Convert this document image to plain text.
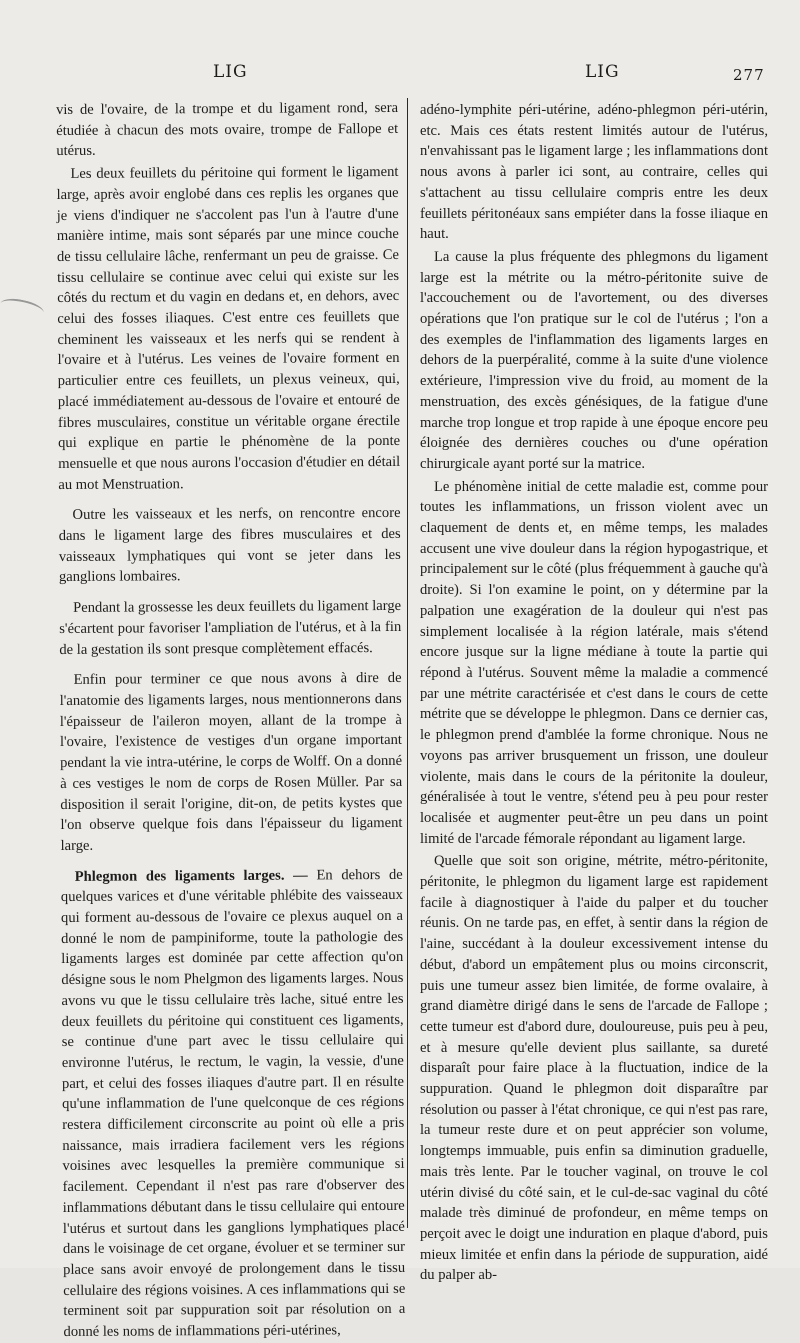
LIG	LIG	277

vis de l'ovaire, de la trompe et du ligament rond, sera étudiée à chacun des mots ovaire, trompe de Fallope et utérus.

Les deux feuillets du péritoine qui forment le ligament large, après avoir englobé dans ces replis les organes que je viens d'indiquer ne s'accolent pas l'un à l'autre d'une manière intime, mais sont séparés par une mince couche de tissu cellulaire lâche, renfermant un peu de graisse. Ce tissu cellulaire se continue avec celui qui existe sur les côtés du rectum et du vagin en dedans et, en dehors, avec celui des fosses iliaques. C'est entre ces feuillets que cheminent les vaisseaux et les nerfs qui se rendent à l'ovaire et à l'utérus. Les veines de l'ovaire forment en particulier entre ces feuillets, un plexus veineux, qui, placé immédiatement au-dessous de l'ovaire et entouré de fibres musculaires, constitue un véritable organe érectile qui explique en partie le phénomène de la ponte mensuelle et que nous aurons l'occasion d'étudier en détail au mot Menstruation.

Outre les vaisseaux et les nerfs, on rencontre encore dans le ligament large des fibres musculaires et des vaisseaux lymphatiques qui vont se jeter dans les ganglions lombaires.

Pendant la grossesse les deux feuillets du ligament large s'écartent pour favoriser l'ampliation de l'utérus, et à la fin de la gestation ils sont presque complètement effacés.

Enfin pour terminer ce que nous avons à dire de l'anatomie des ligaments larges, nous mentionnerons dans l'épaisseur de l'aileron moyen, allant de la trompe à l'ovaire, l'existence de vestiges d'un organe important pendant la vie intra-utérine, le corps de Wolff. On a donné à ces vestiges le nom de corps de Rosen Müller. Par sa disposition il serait l'origine, dit-on, de petits kystes que l'on observe quelque fois dans l'épaisseur du ligament large.

Phlegmon des ligaments larges. — En dehors de quelques varices et d'une véritable phlébite des vaisseaux qui forment au-dessous de l'ovaire ce plexus auquel on a donné le nom de pampiniforme, toute la pathologie des ligaments larges est dominée par cette affection qu'on désigne sous le nom Phelgmon des ligaments larges. Nous avons vu que le tissu cellulaire très lache, situé entre les deux feuillets du péritoine qui constituent ces ligaments, se continue d'une part avec le tissu cellulaire qui environne l'utérus, le rectum, le vagin, la vessie, d'une part, et celui des fosses iliaques d'autre part. Il en résulte qu'une inflammation de l'une quelconque de ces régions restera difficilement circonscrite au point où elle a pris naissance, mais irradiera facilement vers les régions voisines avec lesquelles la première communique si facilement. Cependant il n'est pas rare d'observer des inflammations débutant dans le tissu cellulaire qui entoure l'utérus et surtout dans les ganglions lymphatiques placé dans le voisinage de cet organe, évoluer et se terminer sur place sans avoir envoyé de prolongement dans le tissu cellulaire des régions voisines. A ces inflammations qui se terminent soit par suppuration soit par résolution on a donné les noms de inflammations péri-utérines,

adéno-lymphite péri-utérine, adéno-phlegmon péri-utérin, etc. Mais ces états restent limités autour de l'utérus, n'envahissant pas le ligament large ; les inflammations dont nous avons à parler ici sont, au contraire, celles qui s'attachent au tissu cellulaire compris entre les deux feuillets péritonéaux sans empiéter dans la fosse iliaque en haut.

La cause la plus fréquente des phlegmons du ligament large est la métrite ou la métro-péritonite suive de l'accouchement ou de l'avortement, ou des diverses opérations que l'on pratique sur le col de l'utérus ; l'on a des exemples de l'inflammation des ligaments larges en dehors de la puerpéralité, comme à la suite d'une violence extérieure, l'impression vive du froid, au moment de la menstruation, des excès génésiques, de la fatigue d'une marche trop longue et trop rapide à une époque encore peu éloignée des dernières couches ou d'une opération chirurgicale ayant porté sur la matrice.

Le phénomène initial de cette maladie est, comme pour toutes les inflammations, un frisson violent avec un claquement de dents et, en même temps, les malades accusent une vive douleur dans la région hypogastrique, et principalement sur le côté (plus fréquemment à gauche qu'à droite). Si l'on examine le point, on y détermine par la palpation une exagération de la douleur qui n'est pas simplement localisée à la région latérale, mais s'étend encore jusque sur la ligne médiane à toute la partie qui répond à l'utérus. Souvent même la maladie a commencé par une métrite caractérisée et c'est dans le cours de cette métrite que se développe le phlegmon. Dans ce dernier cas, le phlegmon prend d'amblée la forme chronique. Nous ne voyons pas arriver brusquement un frisson, une douleur violente, mais dans le cours de la péritonite la douleur, généralisée à tout le ventre, s'étend peu à peu pour rester localisée et augmenter peut-être un peu dans un point limité de l'arcade fémorale répondant au ligament large.

Quelle que soit son origine, métrite, métro-péritonite, péritonite, le phlegmon du ligament large est rapidement facile à diagnostiquer à l'aide du palper et du toucher réunis. On ne tarde pas, en effet, à sentir dans la région de l'aine, succédant à la douleur excessivement intense du début, d'abord un empâtement plus ou moins circonscrit, puis une tumeur assez bien limitée, de forme ovalaire, à grand diamètre dirigé dans le sens de l'arcade de Fallope ; cette tumeur est d'abord dure, douloureuse, puis peu à peu, et à mesure qu'elle devient plus saillante, sa dureté disparaît pour faire place à la fluctuation, indice de la suppuration. Quand le phlegmon doit disparaître par résolution ou passer à l'état chronique, ce qui n'est pas rare, la tumeur reste dure et on peut apprécier son volume, longtemps immuable, puis enfin sa diminution graduelle, mais très lente. Par le toucher vaginal, on trouve le col utérin divisé du côté sain, et le cul-de-sac vaginal du côté malade très diminué de profondeur, en même temps on perçoit avec le doigt une induration en plaque d'abord, puis mieux limitée et enfin dans la période de suppuration, aidé du palper ab-
